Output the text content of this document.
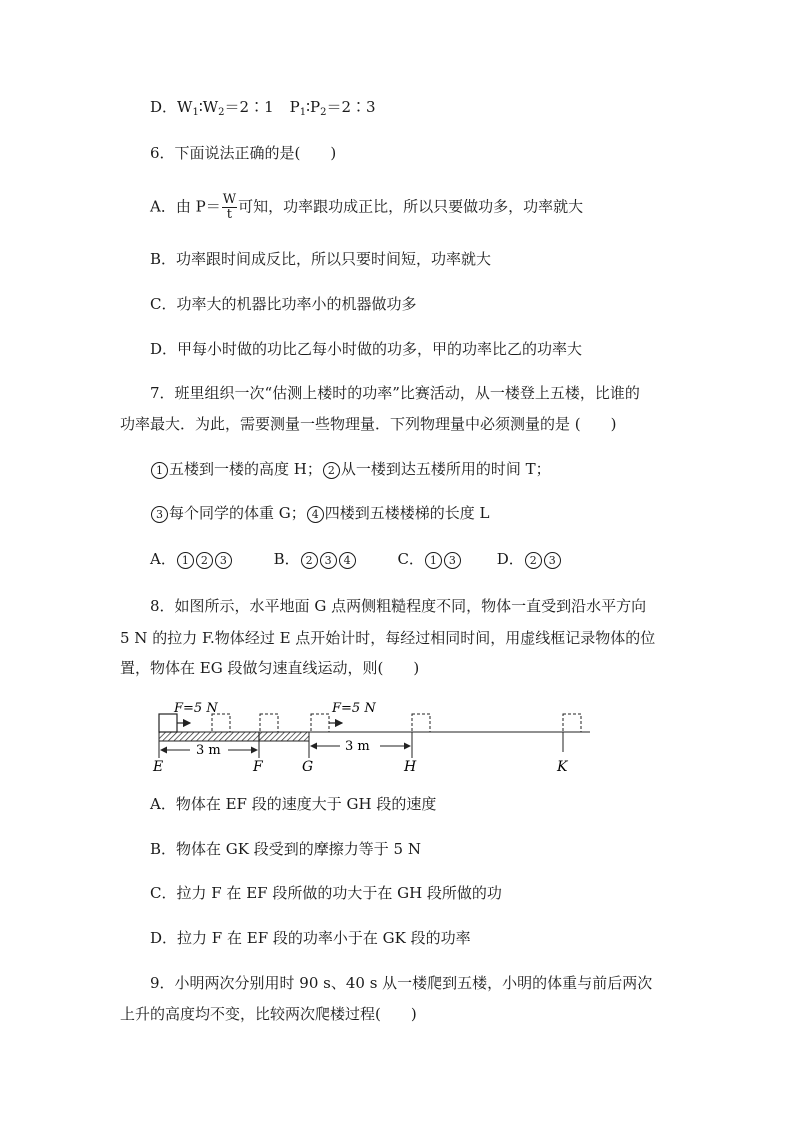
D．$W_1∶W_2=2∶1$ $P_1∶P_2=2∶3$
6．下面说法正确的是(　　)
A．由 $P= \frac{W}{t}$ 可知，功率跟功成正比，所以只要做功多，功率就大
B．功率跟时间成反比，所以只要时间短，功率就大
C．功率大的机器比功率小的机器做功多
D．甲每小时做的功比乙每小时做的功多，甲的功率比乙的功率大
7．班里组织一次“估测上楼时的功率”比赛活动，从一楼登上五楼，比谁的
功率最大．为此，需要测量一些物理量．下列物理量中必须测量的是 (　　)
1 五楼到一楼的高度 H； 2 从一楼到达五楼所用的时间 T；
3 每个同学的体重 G； 4 四楼到五楼楼梯的长度 L
A． 1 2 3	B． 2 3 4	C． 1 3	D． 2 3
8．如图所示，水平地面 G 点两侧粗糙程度不同，物体一直受到沿水平方向
5 N 的拉力 F.物体经过 E 点开始计时，每经过相同时间，用虚线框记录物体的位
置，物体在 EG 段做匀速直线运动，则(　　)
F=5 N	F=5 N
3 m	3 m
E	F	G	H	K
A．物体在 EF 段的速度大于 GH 段的速度
B．物体在 GK 段受到的摩擦力等于 5 N
C．拉力 F 在 EF 段所做的功大于在 GH 段所做的功
D．拉力 F 在 EF 段的功率小于在 GK 段的功率
9．小明两次分别用时 90 s、40 s 从一楼爬到五楼，小明的体重与前后两次
上升的高度均不变，比较两次爬楼过程(　　)
